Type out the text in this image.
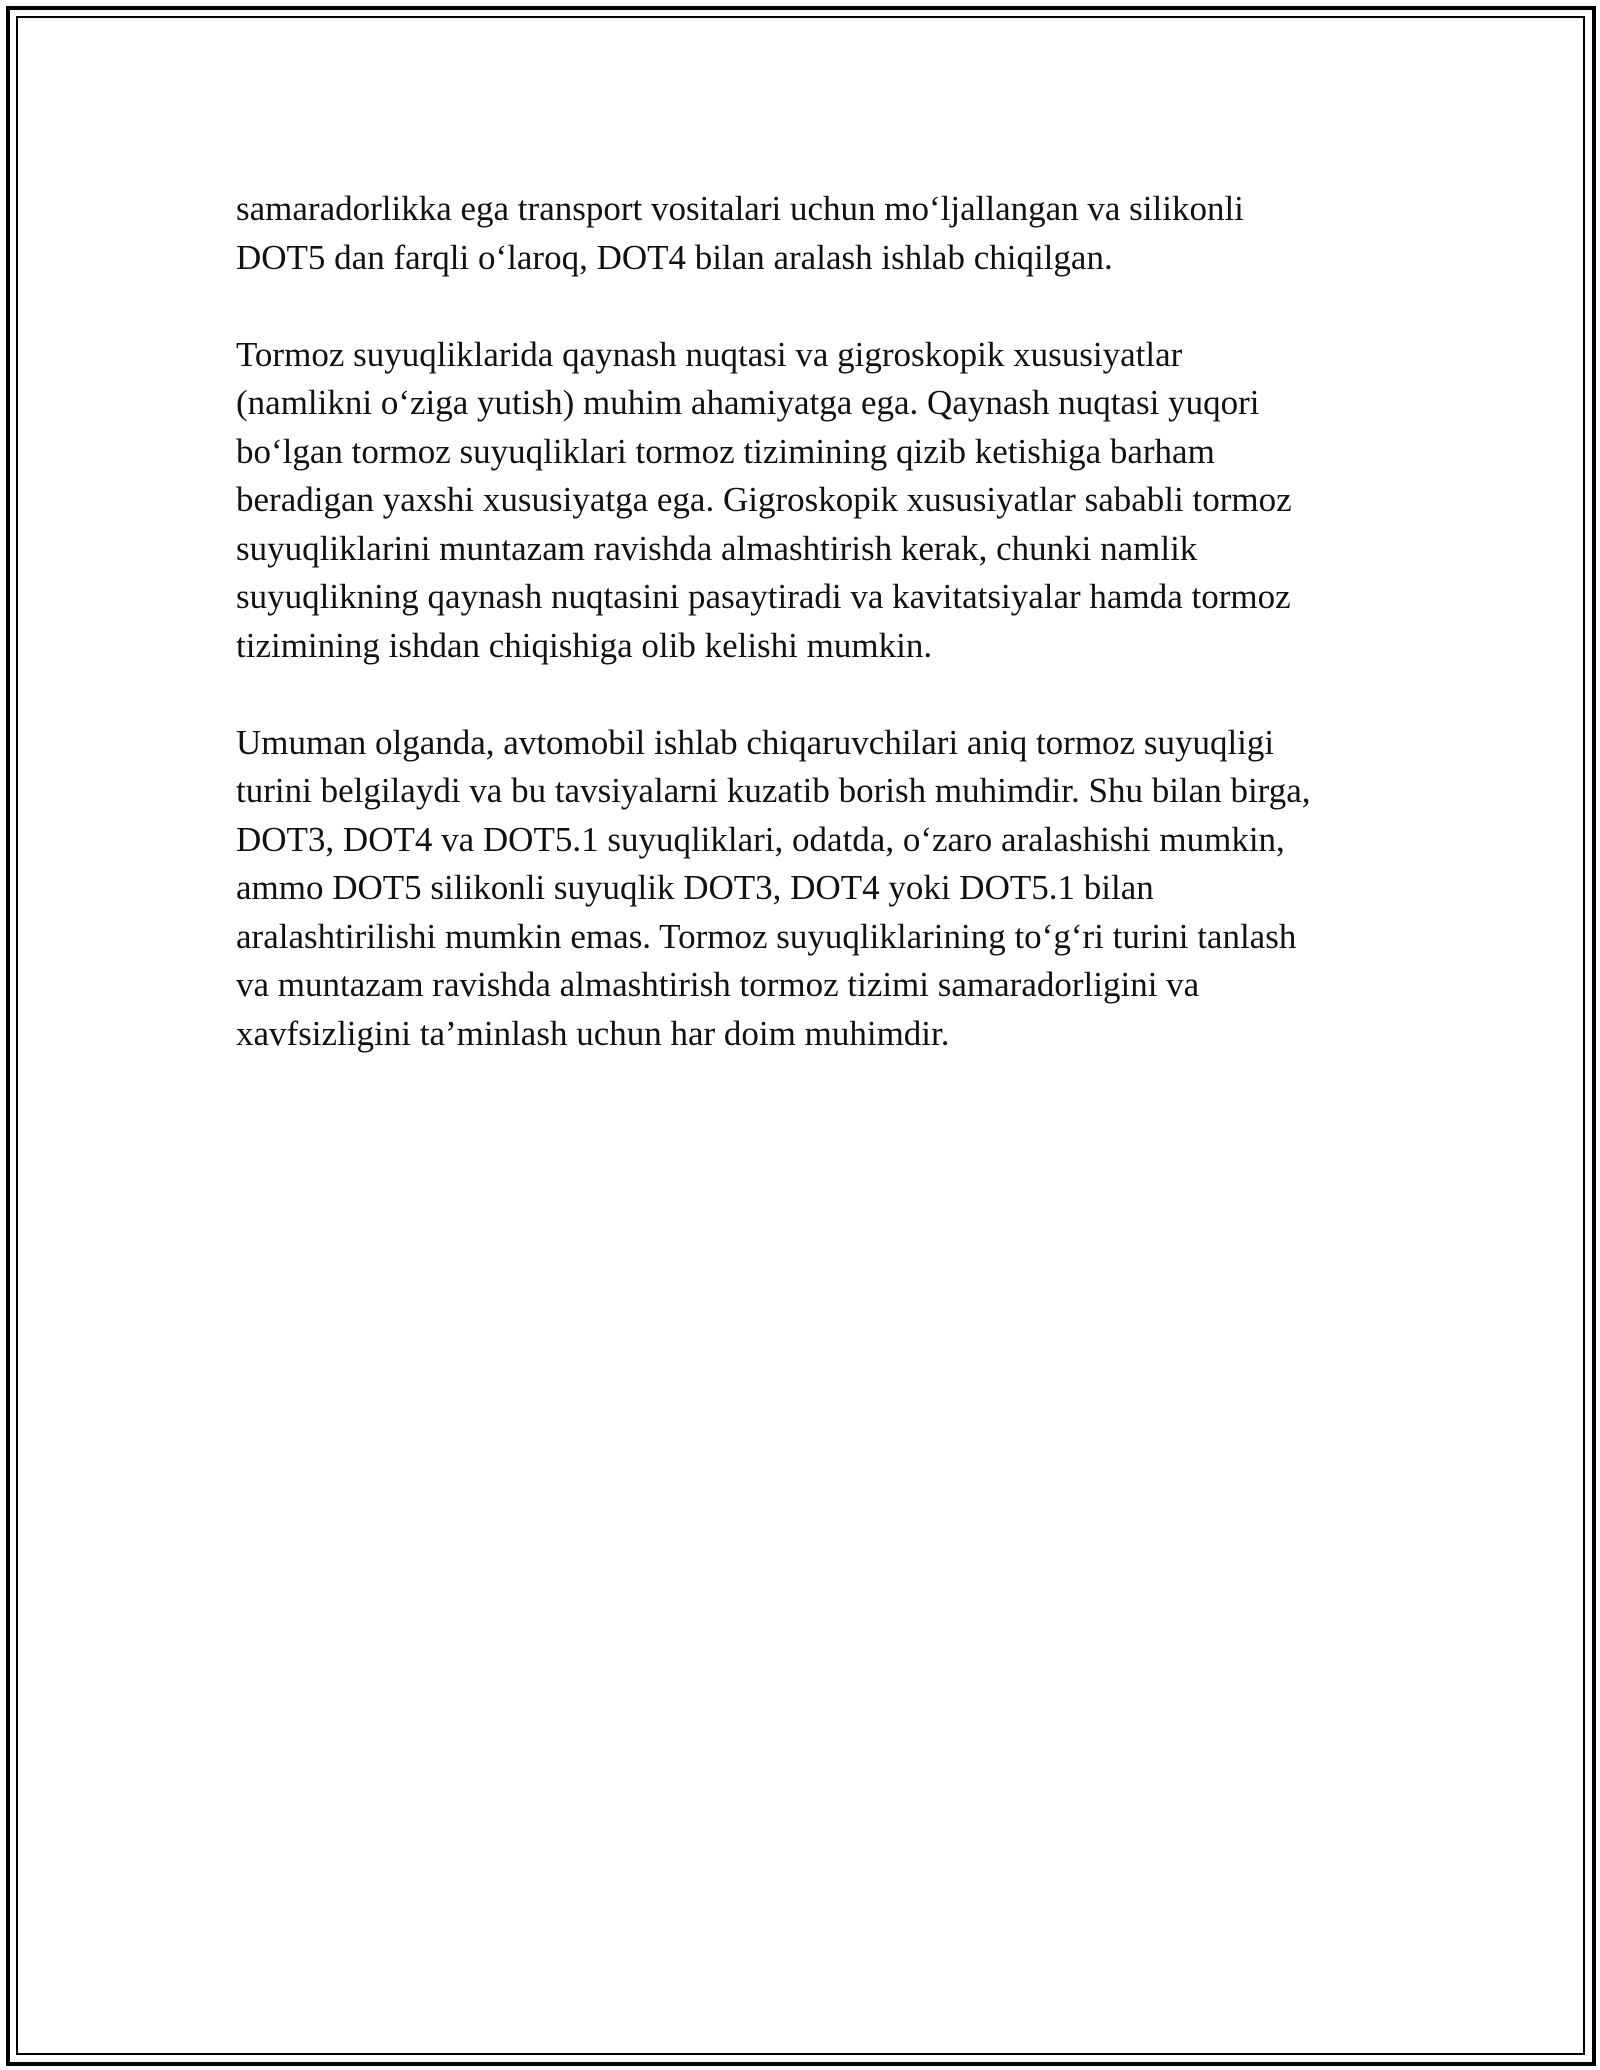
samaradorlikka ega transport vositalari uchun mo‘ljallangan va silikonli
DOT5 dan farqli o‘laroq, DOT4 bilan aralash ishlab chiqilgan.

Tormoz suyuqliklarida qaynash nuqtasi va gigroskopik xususiyatlar
(namlikni o‘ziga yutish) muhim ahamiyatga ega. Qaynash nuqtasi yuqori
bo‘lgan tormoz suyuqliklari tormoz tizimining qizib ketishiga barham
beradigan yaxshi xususiyatga ega. Gigroskopik xususiyatlar sababli tormoz
suyuqliklarini muntazam ravishda almashtirish kerak, chunki namlik
suyuqlikning qaynash nuqtasini pasaytiradi va kavitatsiyalar hamda tormoz
tizimining ishdan chiqishiga olib kelishi mumkin.

Umuman olganda, avtomobil ishlab chiqaruvchilari aniq tormoz suyuqligi
turini belgilaydi va bu tavsiyalarni kuzatib borish muhimdir. Shu bilan birga,
DOT3, DOT4 va DOT5.1 suyuqliklari, odatda, o‘zaro aralashishi mumkin,
ammo DOT5 silikonli suyuqlik DOT3, DOT4 yoki DOT5.1 bilan
aralashtirilishi mumkin emas. Tormoz suyuqliklarining to‘g‘ri turini tanlash
va muntazam ravishda almashtirish tormoz tizimi samaradorligini va
xavfsizligini ta’minlash uchun har doim muhimdir.
